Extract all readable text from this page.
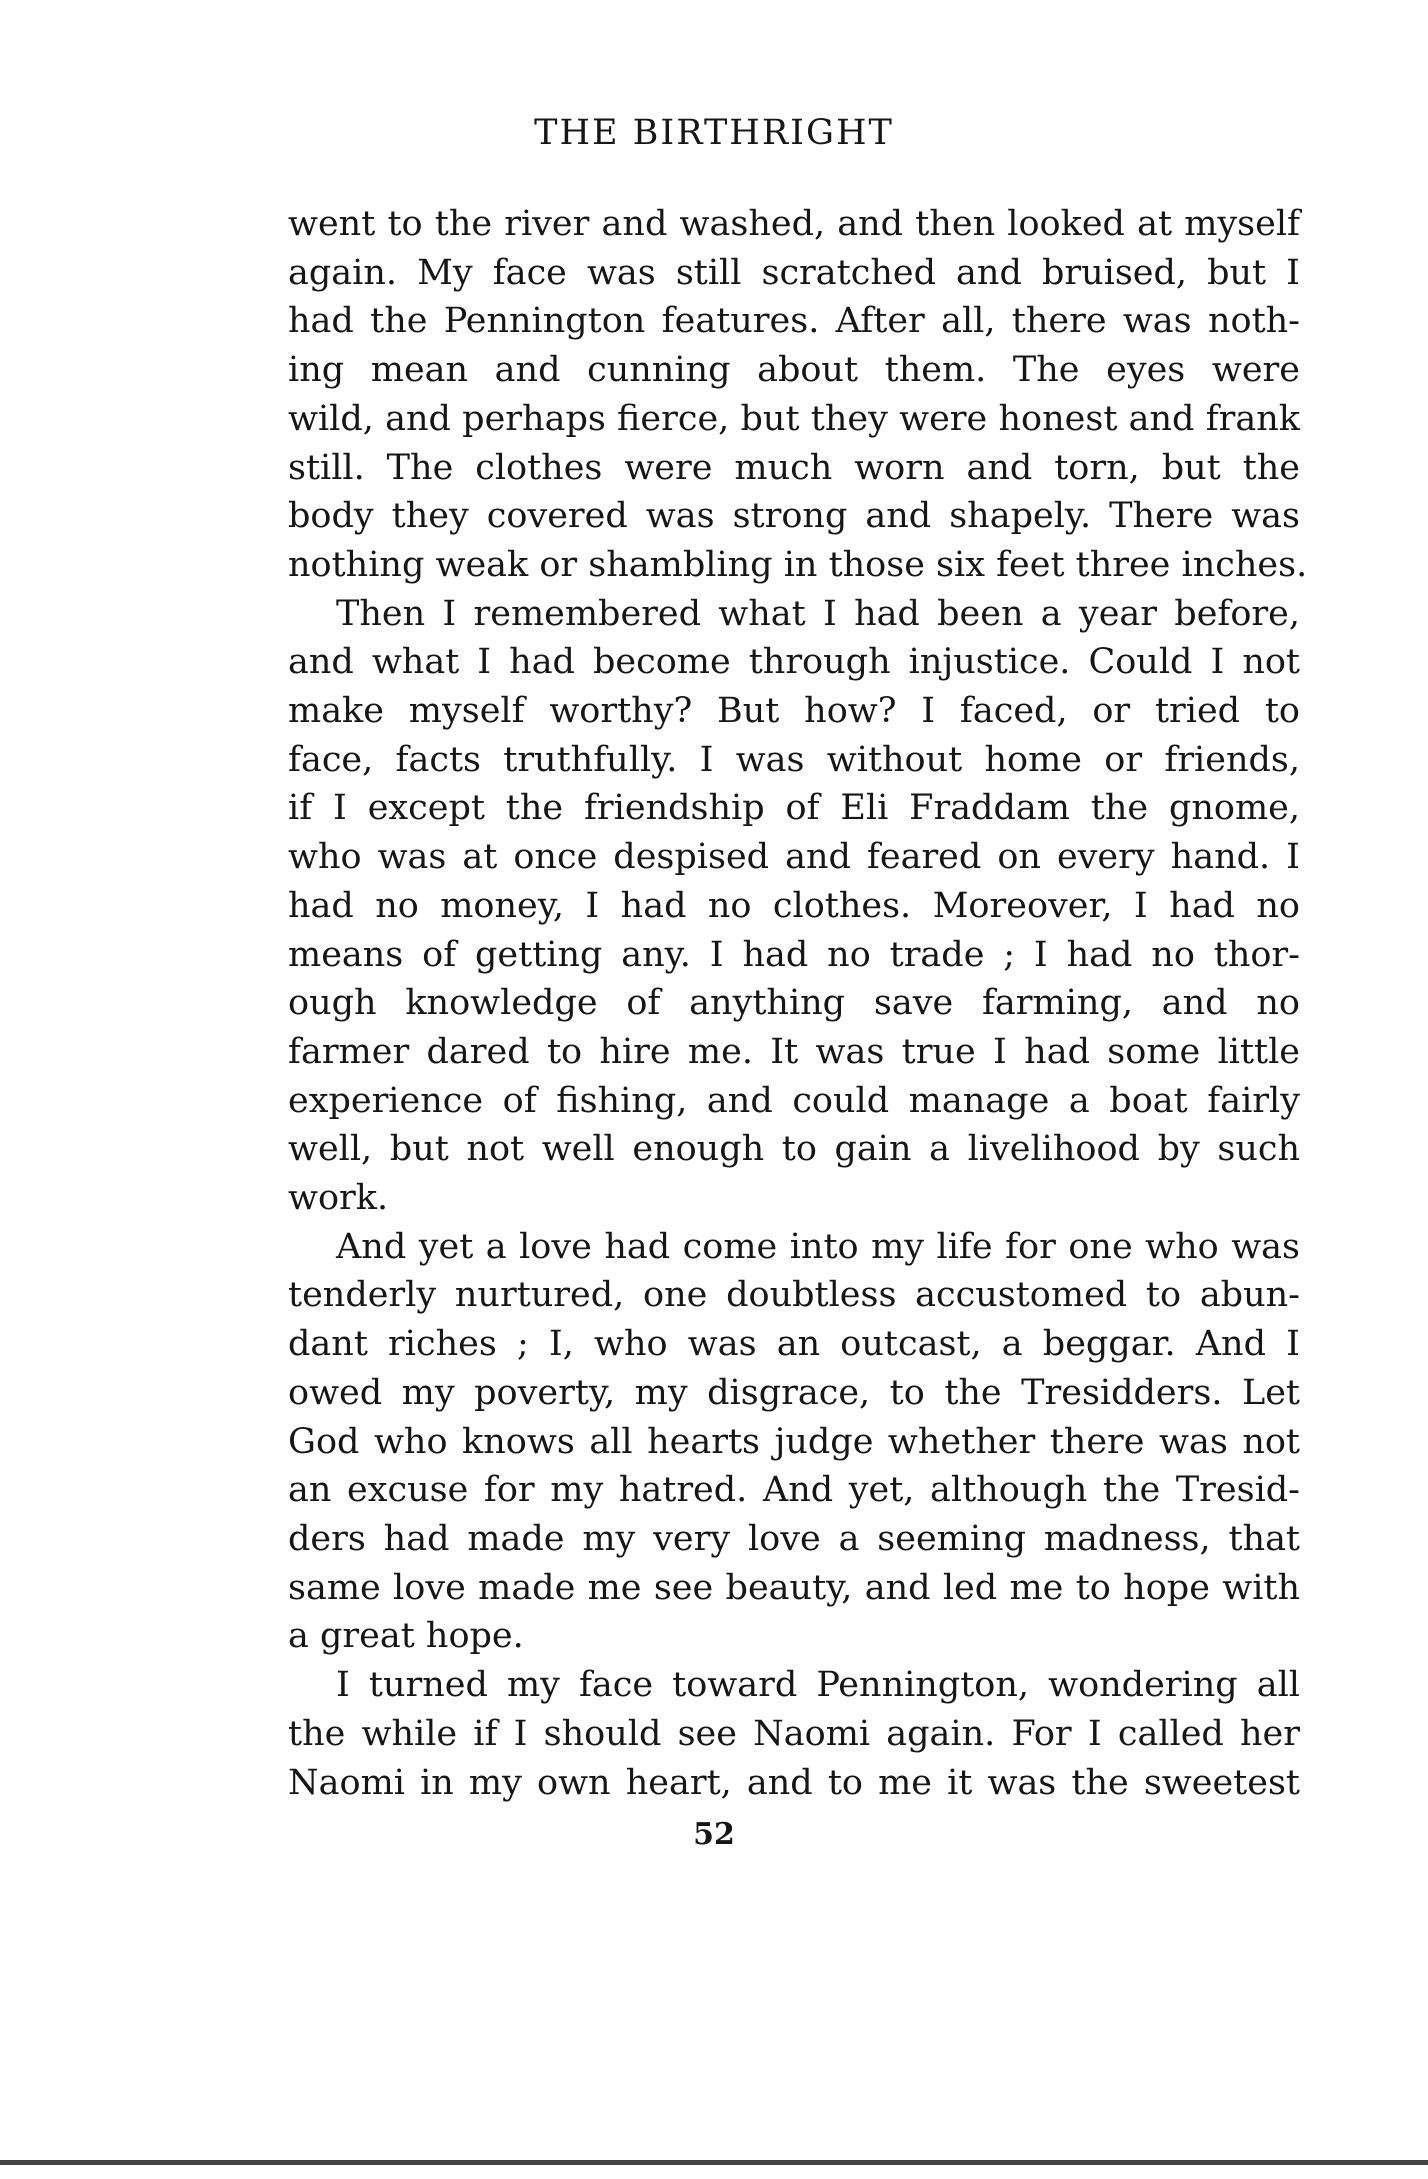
THE BIRTHRIGHT

went to the river and washed, and then looked at myself
again. My face was still scratched and bruised, but I
had the Pennington features. After all, there was noth-
ing mean and cunning about them. The eyes were
wild, and perhaps fierce, but they were honest and frank
still. The clothes were much worn and torn, but the
body they covered was strong and shapely. There was
nothing weak or shambling in those six feet three inches.

Then I remembered what I had been a year before,
and what I had become through injustice. Could I not
make myself worthy? But how? I faced, or tried to
face, facts truthfully. I was without home or friends,
if I except the friendship of Eli Fraddam the gnome,
who was at once despised and feared on every hand. I
had no money, I had no clothes. Moreover, I had no
means of getting any. I had no trade ; I had no thor-
ough knowledge of anything save farming, and no
farmer dared to hire me. It was true I had some little
experience of fishing, and could manage a boat fairly
well, but not well enough to gain a livelihood by such
work.

And yet a love had come into my life for one who was
tenderly nurtured, one doubtless accustomed to abun-
dant riches ; I, who was an outcast, a beggar. And I
owed my poverty, my disgrace, to the Tresidders. Let
God who knows all hearts judge whether there was not
an excuse for my hatred. And yet, although the Tresid-
ders had made my very love a seeming madness, that
same love made me see beauty, and led me to hope with
a great hope.

I turned my face toward Pennington, wondering all
the while if I should see Naomi again. For I called her
Naomi in my own heart, and to me it was the sweetest

52
